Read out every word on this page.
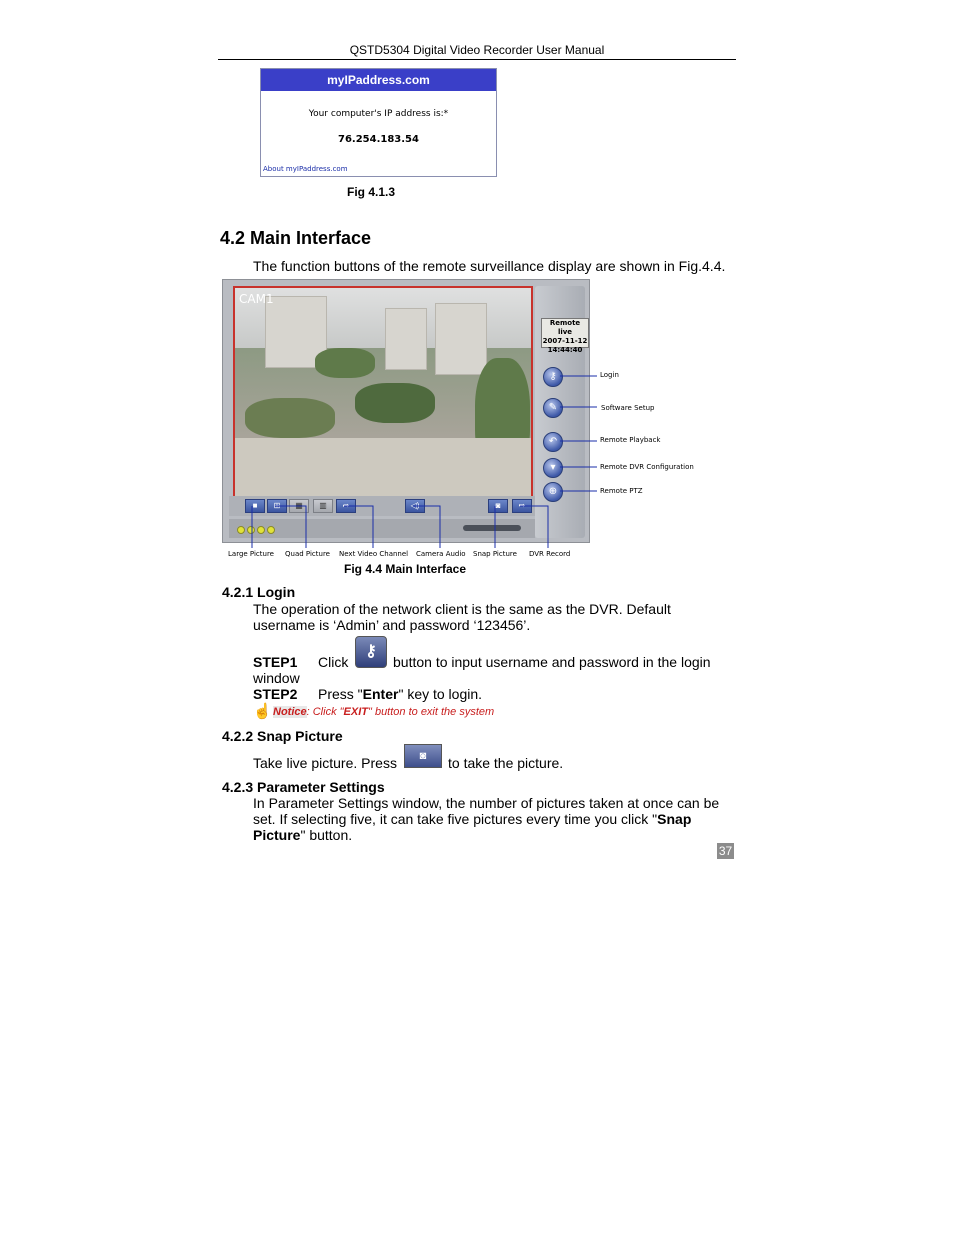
QSTD5304 Digital Video Recorder User Manual
myIPaddress.com
Your computer's IP address is:*
76.254.183.54
About myIPaddress.com
Fig 4.1.3
4.2 Main Interface
The function buttons of the remote surveillance display are shown in Fig.4.4.
CAM1
Remote live
2007-11-12
14:44:40
⚷
✎
↶
▾
⊕
■	⊞	▦	▥	➦	◁)	◙	➥
Login
Software Setup
Remote Playback
Remote DVR Configuration
Remote PTZ
Large Picture Quad Picture Next Video Channel Camera Audio Snap Picture DVR Record
Fig 4.4 Main Interface
4.2.1 Login
The operation of the network client is the same as the DVR. Default
username is ‘Admin’ and password ‘123456’.
STEP1 Click
⚷
button to input username and password in the login
window
STEP2 Press "Enter" key to login.
☝ Notice: Click "EXIT" button to exit the system
4.2.2 Snap Picture
Take live picture. Press	◙	to take the picture.
4.2.3 Parameter Settings
In Parameter Settings window, the number of pictures taken at once can be
set. If selecting five, it can take five pictures every time you click "Snap
Picture" button.
37
